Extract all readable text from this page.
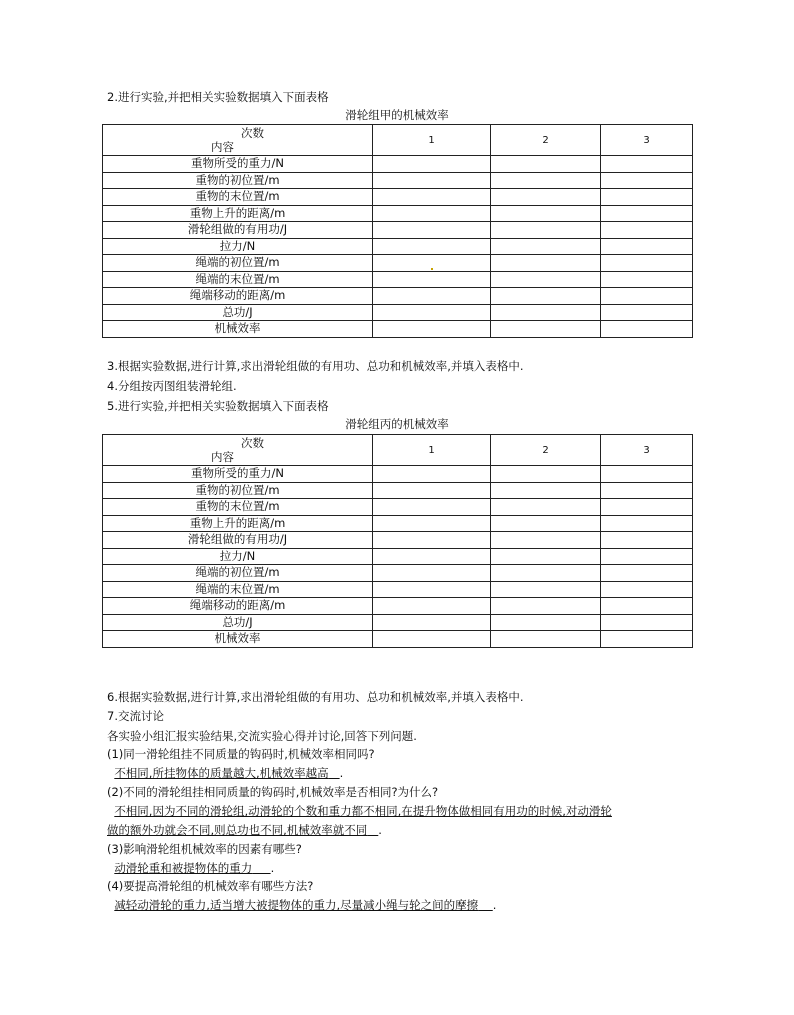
2.进行实验,并把相关实验数据填入下面表格
滑轮组甲的机械效率
次数
内容	1	2	3
重物所受的重力/N			
重物的初位置/m			
重物的末位置/m			
重物上升的距离/m			
滑轮组做的有用功/J			
拉力/N			
绳端的初位置/m			
绳端的末位置/m			
绳端移动的距离/m			
总功/J			
机械效率			
3.根据实验数据,进行计算,求出滑轮组做的有用功、总功和机械效率,并填入表格中.
4.分组按丙图组装滑轮组.
5.进行实验,并把相关实验数据填入下面表格
滑轮组丙的机械效率
次数
内容	1	2	3
重物所受的重力/N			
重物的初位置/m			
重物的末位置/m			
重物上升的距离/m			
滑轮组做的有用功/J			
拉力/N			
绳端的初位置/m			
绳端的末位置/m			
绳端移动的距离/m			
总功/J			
机械效率			
6.根据实验数据,进行计算,求出滑轮组做的有用功、总功和机械效率,并填入表格中.
7.交流讨论
各实验小组汇报实验结果,交流实验心得并讨论,回答下列问题.
(1)同一滑轮组挂不同质量的钩码时,机械效率相同吗?
不相同,所挂物体的质量越大,机械效率越高 .
(2)不同的滑轮组挂相同质量的钩码时,机械效率是否相同?为什么?
不相同,因为不同的滑轮组,动滑轮的个数和重力都不相同,在提升物体做相同有用功的时候,对动滑轮
做的额外功就会不同,则总功也不同,机械效率就不同 .
(3)影响滑轮组机械效率的因素有哪些?
动滑轮重和被提物体的重力 .
(4)要提高滑轮组的机械效率有哪些方法?
减轻动滑轮的重力,适当增大被提物体的重力,尽量减小绳与轮之间的摩擦 .
